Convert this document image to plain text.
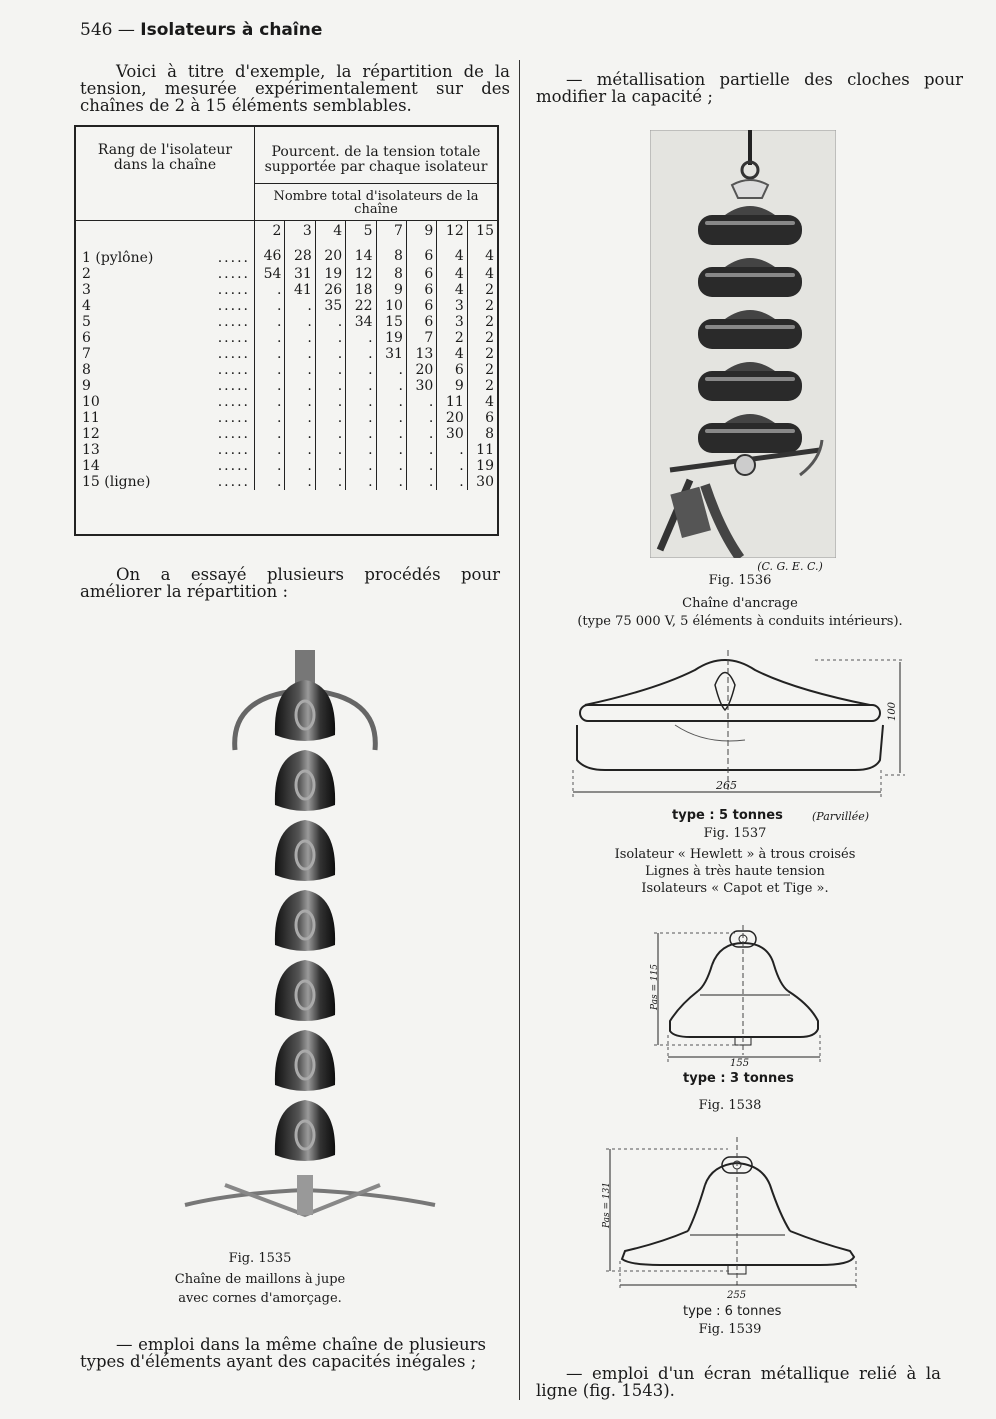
546 — Isolateurs à chaîne
Voici à titre d'exemple, la répartition de la tension, mesurée expérimentalement sur des chaînes de 2 à 15 éléments semblables.
Rang de l'isolateur dans la chaîne	Pourcent. de la tension totale supportée par chaque isolateur							
	Nombre total d'isolateurs de la chaîne							
	2	3	4	5	7	9	12	15
1 (pylône) .....	46	28	20	14	8	6	4	4
2 .....	54	31	19	12	8	6	4	4
3 .....	.	41	26	18	9	6	4	2
4 .....	.	.	35	22	10	6	3	2
5 .....	.	.	.	34	15	6	3	2
6 .....	.	.	.	.	19	7	2	2
7 .....	.	.	.	.	31	13	4	2
8 .....	.	.	.	.	.	20	6	2
9 .....	.	.	.	.	.	30	9	2
10 .....	.	.	.	.	.	.	11	4
11 .....	.	.	.	.	.	.	20	6
12 .....	.	.	.	.	.	.	30	8
13 .....	.	.	.	.	.	.	.	11
14 .....	.	.	.	.	.	.	.	19
15 (ligne) .....	.	.	.	.	.	.	.	30
On a essayé plusieurs procédés pour améliorer la répartition :
Fig. 1535
Chaîne de maillons à jupe
avec cornes d'amorçage.
— emploi dans la même chaîne de plusieurs types d'éléments ayant des capacités inégales ;
— métallisation partielle des cloches pour modifier la capacité ;
(C. G. E. C.)
Fig. 1536
Chaîne d'ancrage
(type 75 000 V, 5 éléments à conduits intérieurs).
100
265
type : 5 tonnes	(Parvillée)
Fig. 1537
Isolateur « Hewlett » à trous croisés
Lignes à très haute tension
Isolateurs « Capot et Tige ».
Pas = 115
155
type : 3 tonnes
Fig. 1538
Pas = 131
255
type : 6 tonnes
Fig. 1539
— emploi d'un écran métallique relié à la ligne (fig. 1543).
